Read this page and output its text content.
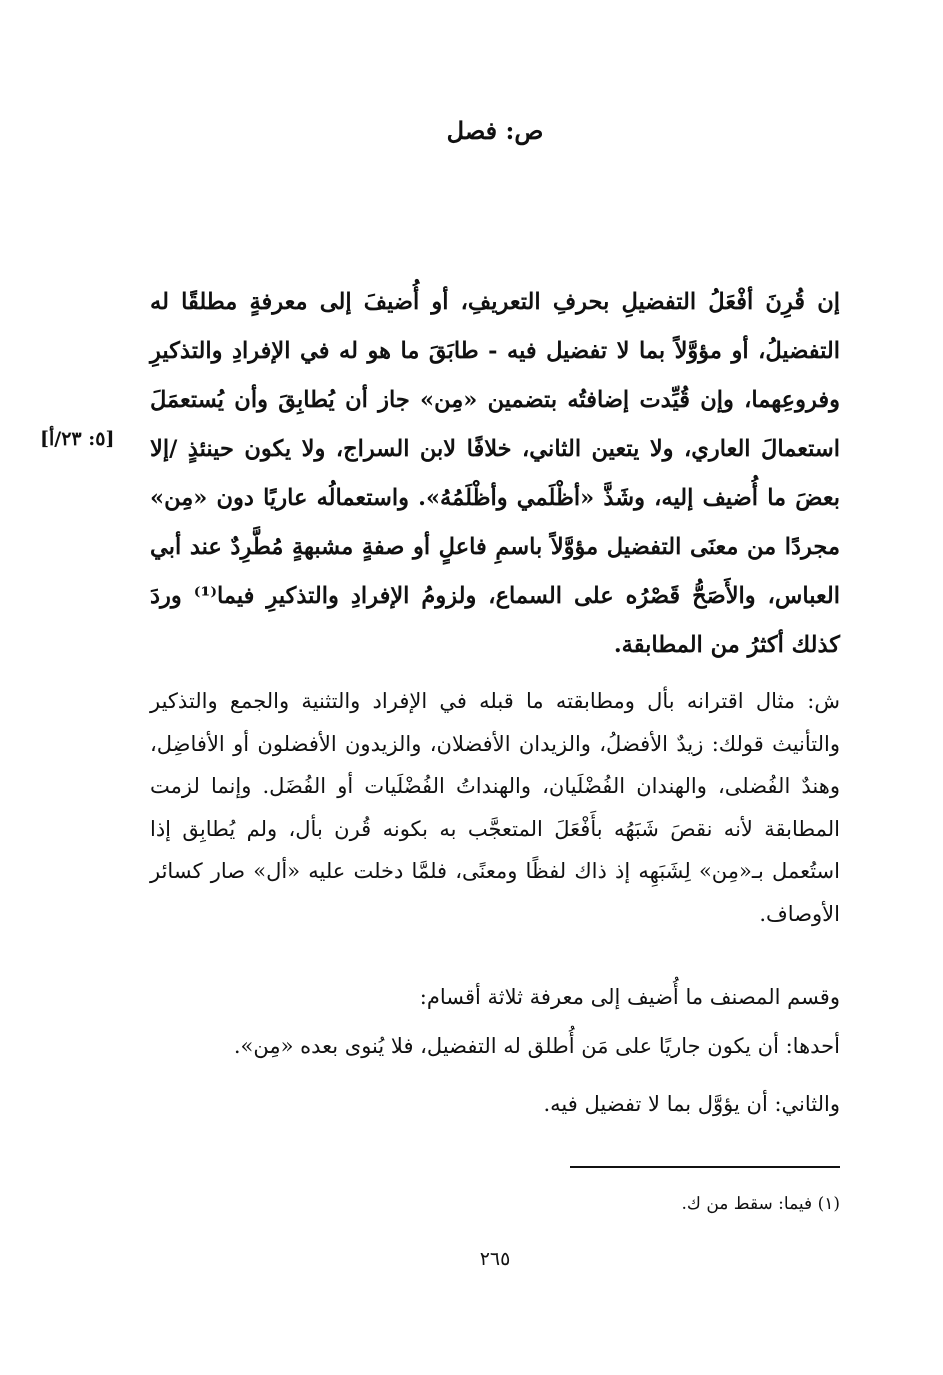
ص: فصل
[٥: ٢٣/أ]

إن قُرِنَ أفْعَلُ التفضيلِ بحرفِ التعريفِ، أو أُضيفَ إلى معرفةٍ مطلقًا له التفضيلُ، أو مؤوَّلاً بما لا تفضيل فيه - طابَقَ ما هو له في الإفرادِ والتذكيرِ وفروعِهما، وإن قُيِّدت إضافتُه بتضمين «مِن» جاز أن يُطابِقَ وأن يُستعمَلَ استعمالَ العاري، ولا يتعين الثاني، خلافًا لابن السراج، ولا يكون حينئذٍ /إلا بعضَ ما أُضيف إليه، وشَذَّ «أظْلَمي وأظْلَمُهُ». واستعمالُه عاريًا دون «مِن» مجردًا من معنَى التفضيل مؤوَّلاً باسمِ فاعلٍ أو صفةٍ مشبهةٍ مُطَّرِدٌ عند أبي العباس، والأَصَحُّ قَصْرُه على السماع، ولزومُ الإفرادِ والتذكيرِ فيما⁽¹⁾ وردَ كذلك أكثرُ من المطابقة.

ش: مثال اقترانه بأل ومطابقته ما قبله في الإفراد والتثنية والجمع والتذكير والتأنيث قولك: زيدٌ الأفضلُ، والزيدان الأفضلان، والزيدون الأفضلون أو الأفاضِل، وهندٌ الفُضلى، والهندان الفُضْلَيان، والهنداتُ الفُضْلَيات أو الفُضَل. وإنما لزمت المطابقة لأنه نقصَ شَبَهُه بأَفْعَلَ المتعجَّب به بكونه قُرن بأل، ولم يُطابِق إذا استُعمل بـ«مِن» لِشَبَهِه إذ ذاك لفظًا ومعنًى، فلمَّا دخلت عليه «أل» صار كسائر الأوصاف.

وقسم المصنف ما أُضيف إلى معرفة ثلاثة أقسام:

أحدها: أن يكون جاريًا على مَن أُطلق له التفضيل، فلا يُنوى بعده «مِن».

والثاني: أن يؤوَّل بما لا تفضيل فيه.

(١) فيما: سقط من ك.

٢٦٥
